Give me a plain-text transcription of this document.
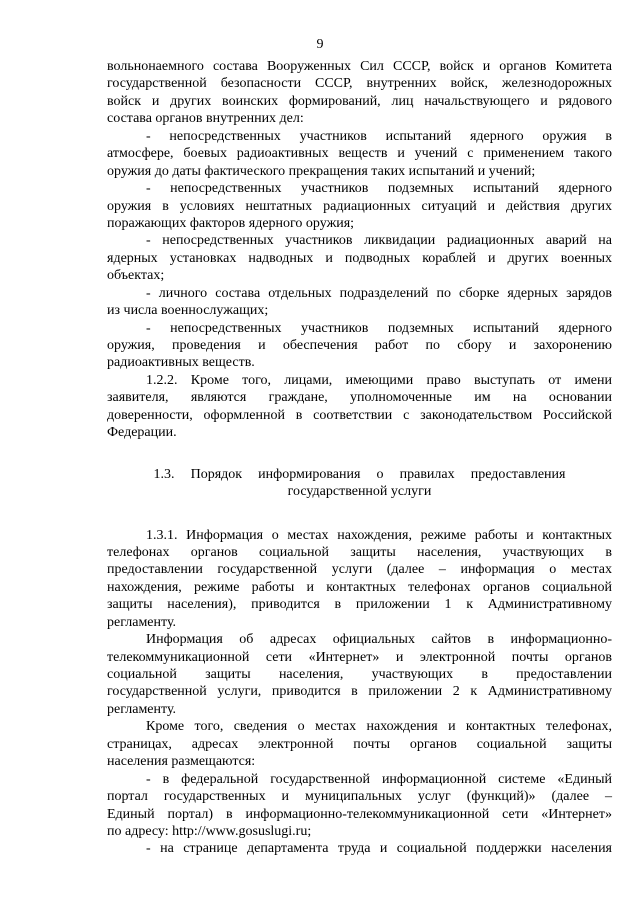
9
вольнонаемного состава Вооруженных Сил СССР, войск и органов Комитета
государственной безопасности СССР, внутренних войск, железнодорожных
войск и других воинских формирований, лиц начальствующего и рядового
состава органов внутренних дел:
- непосредственных участников испытаний ядерного оружия в
атмосфере, боевых радиоактивных веществ и учений с применением такого
оружия до даты фактического прекращения таких испытаний и учений;
- непосредственных участников подземных испытаний ядерного
оружия в условиях нештатных радиационных ситуаций и действия других
поражающих факторов ядерного оружия;
- непосредственных участников ликвидации радиационных аварий на
ядерных установках надводных и подводных кораблей и других военных
объектах;
- личного состава отдельных подразделений по сборке ядерных зарядов
из числа военнослужащих;
- непосредственных участников подземных испытаний ядерного
оружия, проведения и обеспечения работ по сбору и захоронению
радиоактивных веществ.
1.2.2. Кроме того, лицами, имеющими право выступать от имени
заявителя, являются граждане, уполномоченные им на основании
доверенности, оформленной в соответствии с законодательством Российской
Федерации.
1.3. Порядок информирования о правилах предоставления
государственной услуги
1.3.1. Информация о местах нахождения, режиме работы и контактных
телефонах органов социальной защиты населения, участвующих в
предоставлении государственной услуги (далее – информация о местах
нахождения, режиме работы и контактных телефонах органов социальной
защиты населения), приводится в приложении 1 к Административному
регламенту.
Информация об адресах официальных сайтов в информационно-
телекоммуникационной сети «Интернет» и электронной почты органов
социальной защиты населения, участвующих в предоставлении
государственной услуги, приводится в приложении 2 к Административному
регламенту.
Кроме того, сведения о местах нахождения и контактных телефонах,
страницах, адресах электронной почты органов социальной защиты
населения размещаются:
- в федеральной государственной информационной системе «Единый
портал государственных и муниципальных услуг (функций)» (далее –
Единый портал) в информационно-телекоммуникационной сети «Интернет»
по адресу: http://www.gosuslugi.ru;
- на странице департамента труда и социальной поддержки населения
